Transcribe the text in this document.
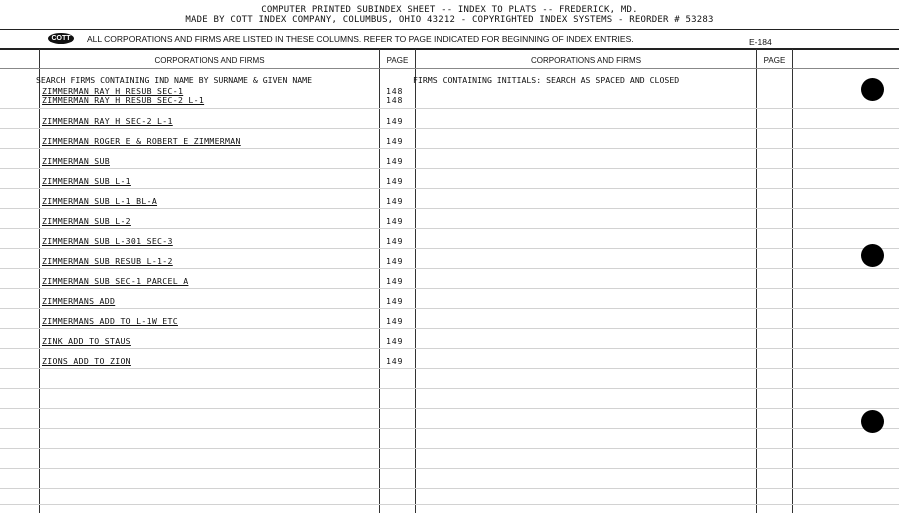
COMPUTER PRINTED SUBINDEX SHEET -- INDEX TO PLATS -- FREDERICK, MD.
MADE BY COTT INDEX COMPANY, COLUMBUS, OHIO 43212 - COPYRIGHTED INDEX SYSTEMS - REORDER # 53283
COTT	ALL CORPORATIONS AND FIRMS ARE LISTED IN THESE COLUMNS. REFER TO PAGE INDICATED FOR BEGINNING OF INDEX ENTRIES.	E-184
CORPORATIONS AND FIRMS	PAGE	CORPORATIONS AND FIRMS	PAGE
SEARCH FIRMS CONTAINING IND NAME BY SURNAME & GIVEN NAME	FIRMS CONTAINING INITIALS: SEARCH AS SPACED AND CLOSED
ZIMMERMAN RAY H RESUB SEC-1	148
ZIMMERMAN RAY H RESUB SEC-2 L-1	148
ZIMMERMAN RAY H SEC-2 L-1	149
ZIMMERMAN ROGER E & ROBERT E ZIMMERMAN	149
ZIMMERMAN SUB	149
ZIMMERMAN SUB L-1	149
ZIMMERMAN SUB L-1 BL-A	149
ZIMMERMAN SUB L-2	149
ZIMMERMAN SUB L-301 SEC-3	149
ZIMMERMAN SUB RESUB L-1-2	149
ZIMMERMAN SUB SEC-1 PARCEL A	149
ZIMMERMANS ADD	149
ZIMMERMANS ADD TO L-1W ETC	149
ZINK ADD TO STAUS	149
ZIONS ADD TO ZION	149
